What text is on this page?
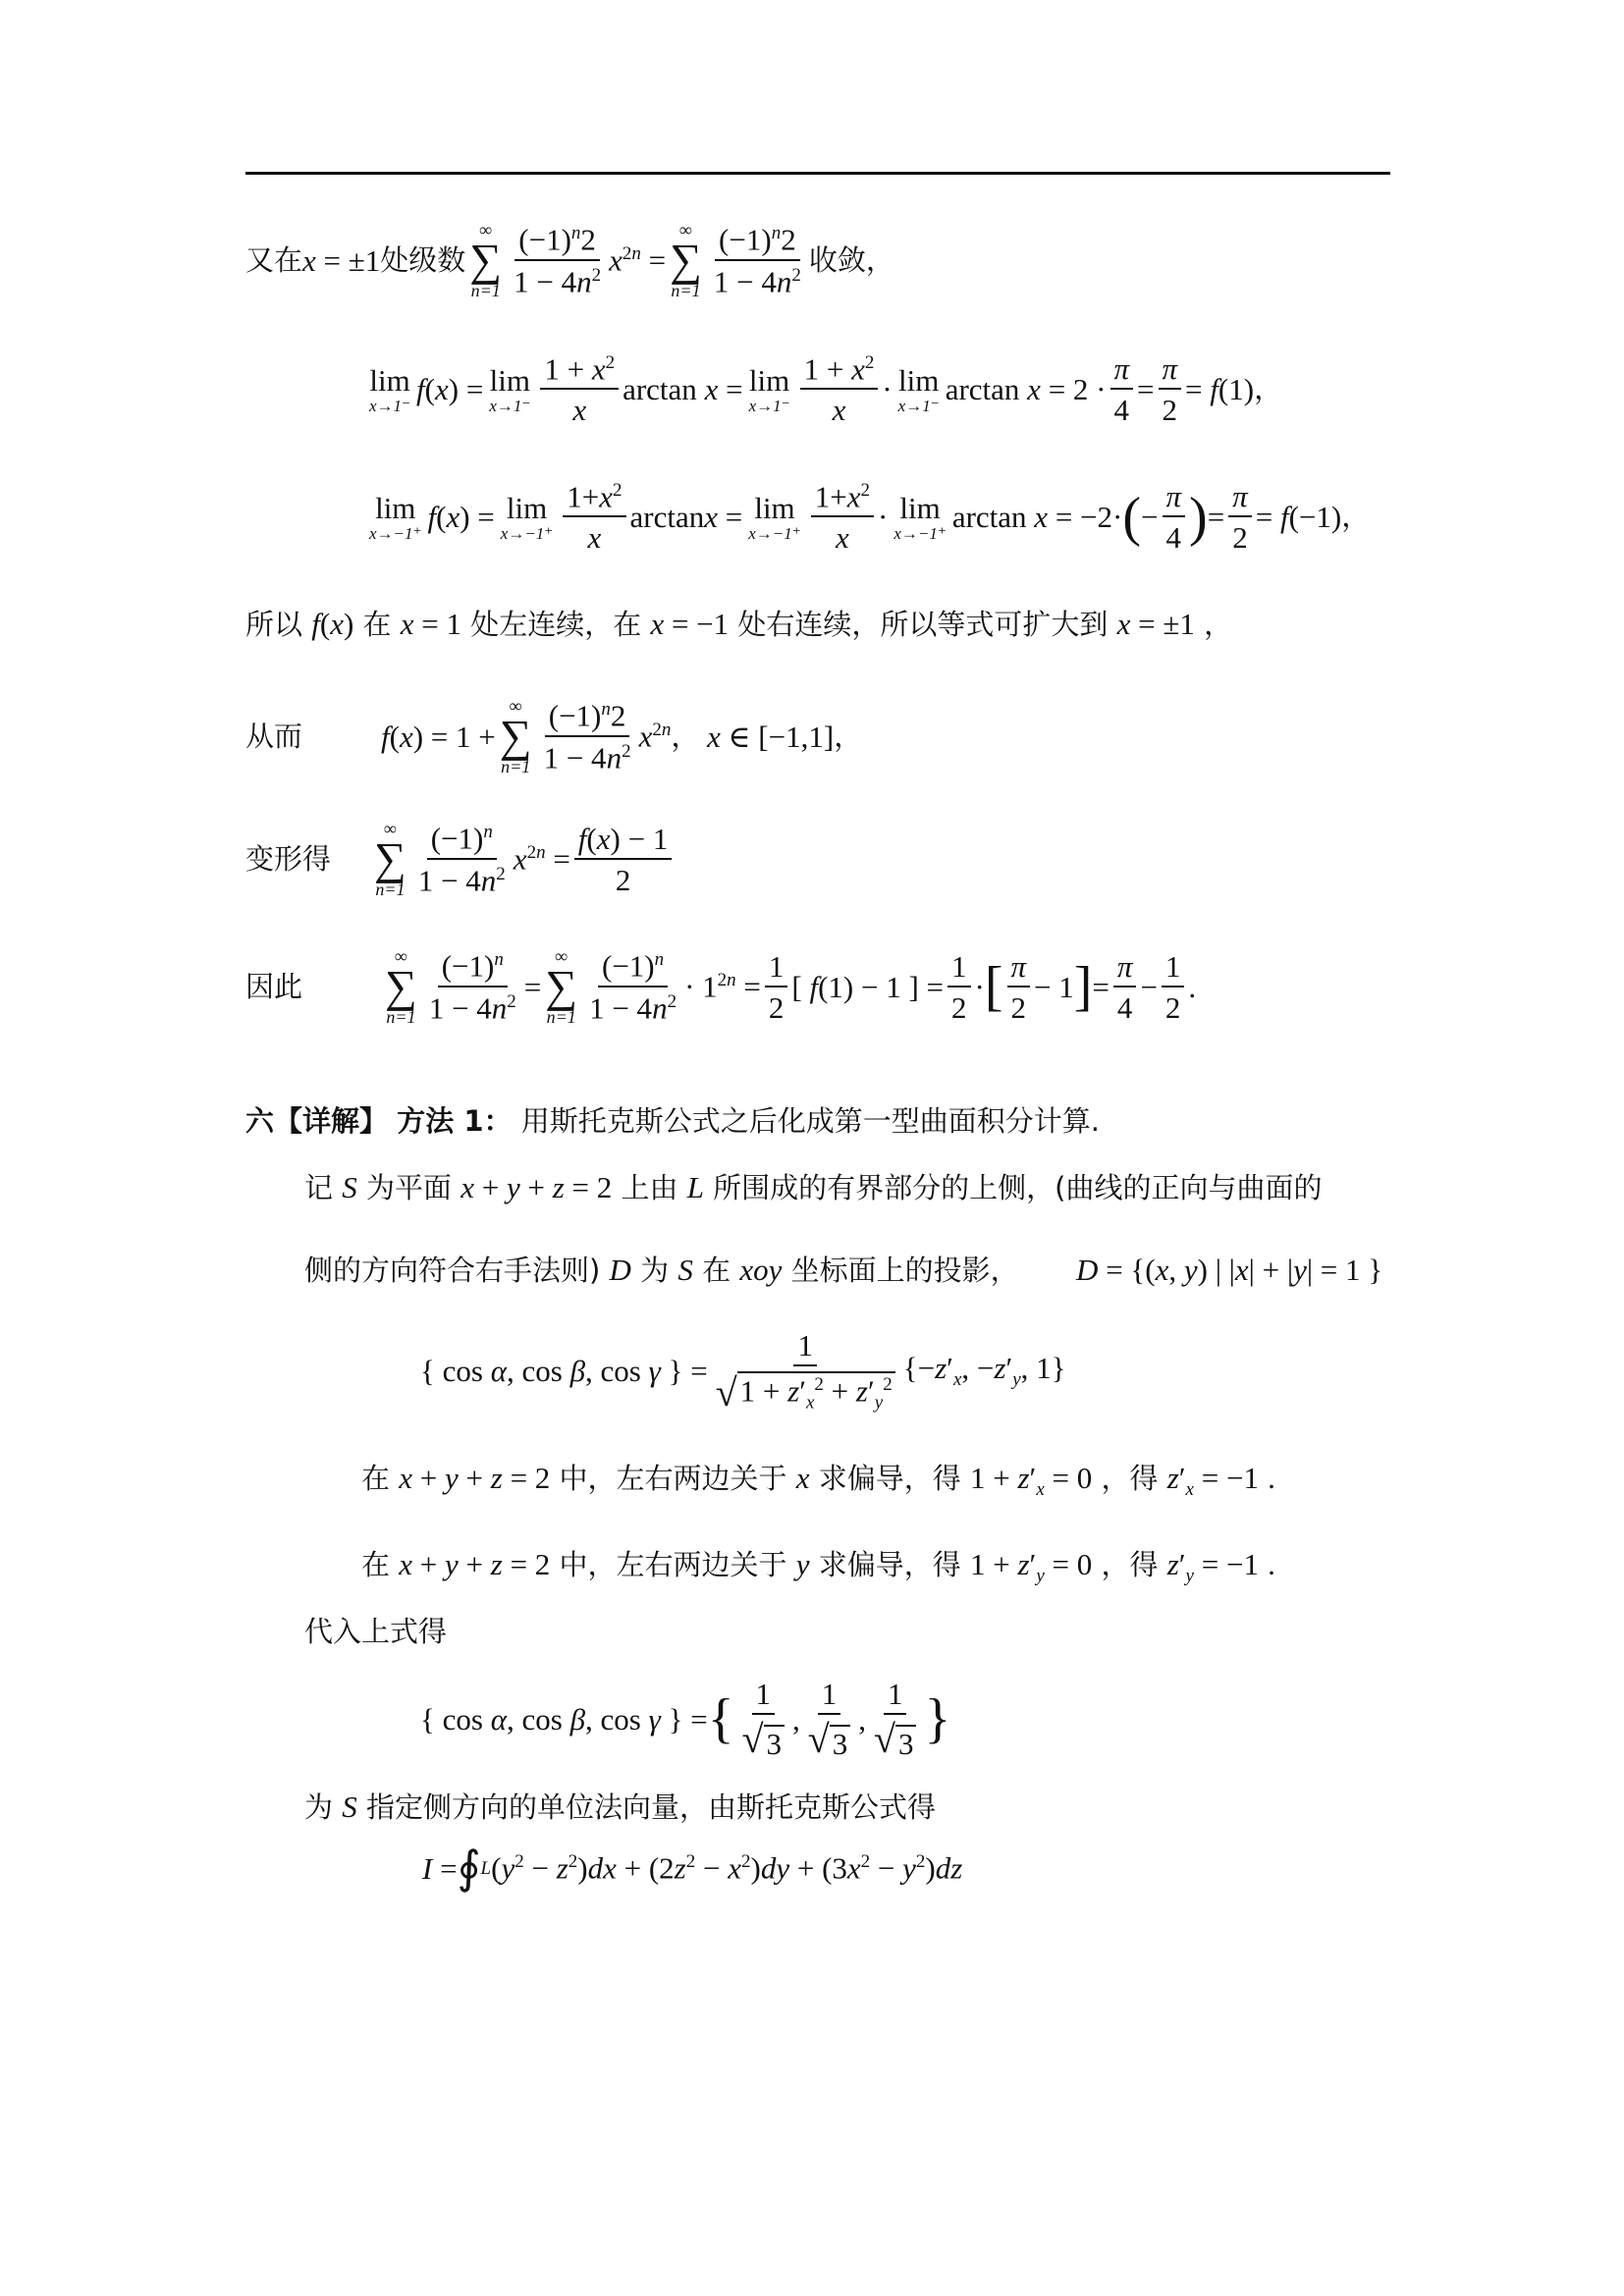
又在 x = ±1 处级数
∞
∑
$n=1 \frac{(-1)^n2}{1 - 4n^2} x^{2n}$ =
∞
∑
$n=1 \frac{(-1)^n2}{1 - 4n^2}$ 收敛，
lim
x→1⁻ f(x) = lim
$x\to 1^- \frac{1 + x^2}{x}$ arctan x = lim
$x\to 1^- \frac{1 + x^2}{x} \cdot \lim$
x→1⁻ $\arctan x = 2 \cdot \frac{\pi}{4} = \frac{\pi}{2} = f(1)$ ，
lim
x→−1⁺ f(x) = lim
$x\to-1^+ \frac{1+x^2}{x}$ arctanx = lim
$x\to-1^+ \frac{1+x^2}{x} \cdot \lim$
x→−1⁺ arctan x = −2· ( − $\frac{\pi}{4}$ ) = $\frac{\pi}{2} = f(-1)$ ，
所以 f(x) 在 x = 1 处左连续，在 x = −1 处右连续，所以等式可扩大到 x = ±1 ，
从而	f(x) = 1 +
∞
∑
$n=1 \frac{(-1)^n2}{1 - 4n^2} x^{2n}$ ， x ∈ [−1,1] ，
变形得
∞
∑
$n=1 \frac{(-1)^n}{1 - 4n^2} x^{2n} = \frac{f(x) - 1}{2}$
因此
∞
∑
$n=1 \frac{(-1)^n}{1 - 4n^2}$ =
∞
∑
$n=1 \frac{(-1)^n}{1 - 4n^2} \cdot 1^{2n} = \frac{1}{2}$ [ f(1) − 1 ] = $\frac{1}{2}$ · [ $\frac{\pi}{2} - 1$ ] = $\frac{\pi}{4} - \frac{1}{2}$ .
六【详解】 方法 1： 用斯托克斯公式之后化成第一型曲面积分计算.
记 S 为平面 x + y + z = 2 上由 L 所围成的有界部分的上侧，(曲线的正向与曲面的
侧的方向符合右手法则) D 为 S 在 xoy 坐标面上的投影， D = {(x, y) | |x| + |y| = 1 }
{ cos α, cos β, cos γ } = $\frac{1}{√ 1 + z'_x^2 + z'_y^2} \{-z'_x$, $-z'_y$, 1}
在 x + y + z = 2 中，左右两边关于 x 求偏导，得 $1 + z'_x = 0$ ，得 $z'_x = -1$ .
在 x + y + z = 2 中，左右两边关于 y 求偏导，得 $1 + z'_y = 0$ ，得 $z'_y = -1$ .
代入上式得
{ cos α, cos β, cos γ } = { $\frac{1}{√ 3}$ , $\frac{1}{√ 3}$ , $\frac{1}{√ 3}$ }
为 S 指定侧方向的单位法向量，由斯托克斯公式得
I = ∮ L $(y^2 - z^2)dx + (2z^2 - x^2)dy + (3x^2 - y^2)dz$
